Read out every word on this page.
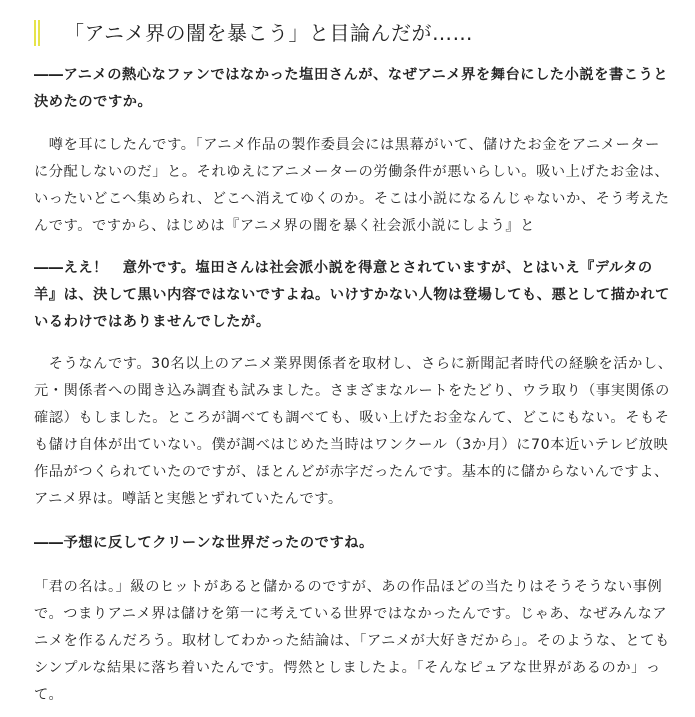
「アニメ界の闇を暴こう」と目論んだが……

――アニメの熱心なファンではなかった塩田さんが、なぜアニメ界を舞台にした小説を書こうと決めたのですか。

　噂を耳にしたんです。「アニメ作品の製作委員会には黒幕がいて、儲けたお金をアニメーターに分配しないのだ」と。それゆえにアニメーターの労働条件が悪いらしい。吸い上げたお金は、いったいどこへ集められ、どこへ消えてゆくのか。そこは小説になるんじゃないか、そう考えたんです。ですから、はじめは『アニメ界の闇を暴く社会派小説にしよう』と

――ええ！　意外です。塩田さんは社会派小説を得意とされていますが、とはいえ『デルタの羊』は、決して黒い内容ではないですよね。いけすかない人物は登場しても、悪として描かれているわけではありませんでしたが。

　そうなんです。30名以上のアニメ業界関係者を取材し、さらに新聞記者時代の経験を活かし、元・関係者への聞き込み調査も試みました。さまざまなルートをたどり、ウラ取り（事実関係の確認）もしました。ところが調べても調べても、吸い上げたお金なんて、どこにもない。そもそも儲け自体が出ていない。僕が調べはじめた当時はワンクール（3か月）に70本近いテレビ放映作品がつくられていたのですが、ほとんどが赤字だったんです。基本的に儲からないんですよ、アニメ界は。噂話と実態とずれていたんです。

――予想に反してクリーンな世界だったのですね。

「君の名は。」級のヒットがあると儲かるのですが、あの作品ほどの当たりはそうそうない事例で。つまりアニメ界は儲けを第一に考えている世界ではなかったんです。じゃあ、なぜみんなアニメを作るんだろう。取材してわかった結論は、「アニメが大好きだから」。そのような、とてもシンプルな結果に落ち着いたんです。愕然としましたよ。「そんなピュアな世界があるのか」って。
